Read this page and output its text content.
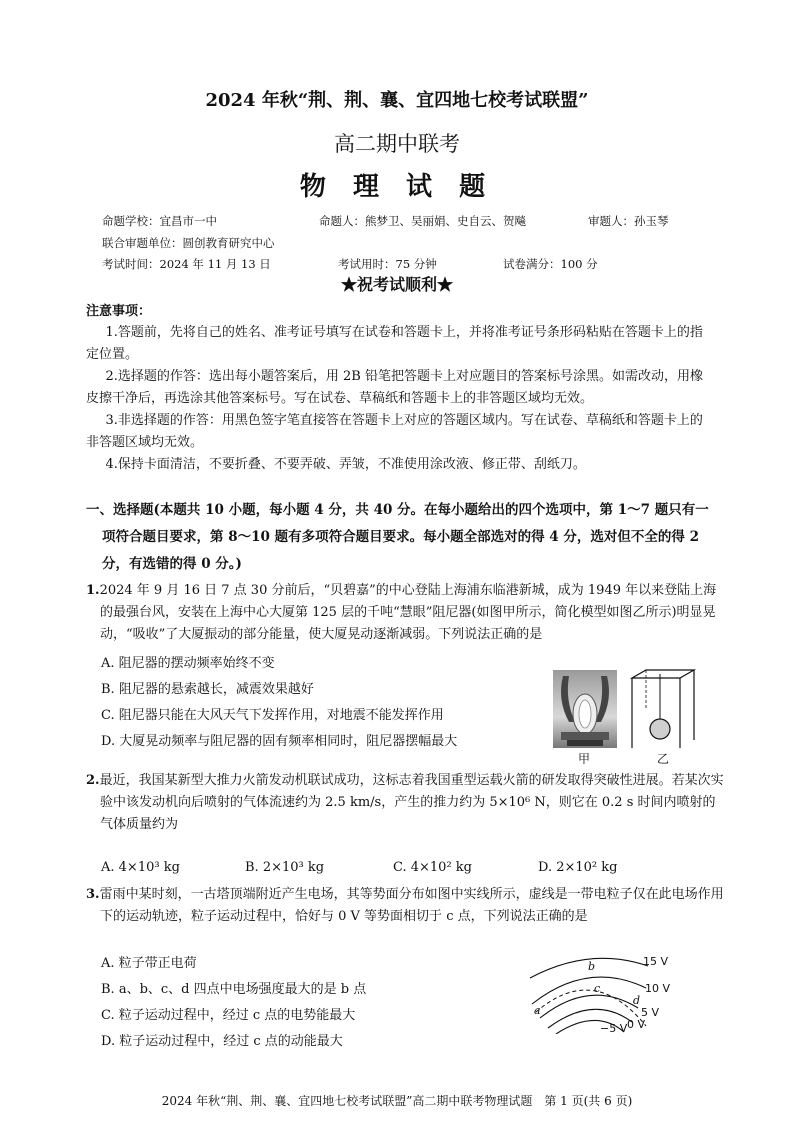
2024 年秋“荆、荆、襄、宜四地七校考试联盟”
高二期中联考
物 理 试 题
命题学校：宜昌市一中	命题人：熊梦卫、吴丽娟、史自云、贺飚	审题人：孙玉琴
联合审题单位：圆创教育研究中心
考试时间：2024 年 11 月 13 日	考试用时：75 分钟	试卷满分：100 分
★祝考试顺利★
注意事项：
1.答题前，先将自己的姓名、准考证号填写在试卷和答题卡上，并将准考证号条形码粘贴在答题卡上的指定位置。
2.选择题的作答：选出每小题答案后，用 2B 铅笔把答题卡上对应题目的答案标号涂黑。如需改动，用橡皮擦干净后，再选涂其他答案标号。写在试卷、草稿纸和答题卡上的非答题区域均无效。
3.非选择题的作答：用黑色签字笔直接答在答题卡上对应的答题区域内。写在试卷、草稿纸和答题卡上的非答题区域均无效。
4.保持卡面清洁，不要折叠、不要弄破、弄皱，不准使用涂改液、修正带、刮纸刀。
一、选择题(本题共 10 小题，每小题 4 分，共 40 分。在每小题给出的四个选项中，第 1～7 题只有一项符合题目要求，第 8～10 题有多项符合题目要求。每小题全部选对的得 4 分，选对但不全的得 2 分，有选错的得 0 分。)
1.2024 年 9 月 16 日 7 点 30 分前后，“贝碧嘉”的中心登陆上海浦东临港新城，成为 1949 年以来登陆上海的最强台风，安装在上海中心大厦第 125 层的千吨“慧眼”阻尼器(如图甲所示，简化模型如图乙所示)明显晃动，“吸收”了大厦振动的部分能量，使大厦晃动逐渐减弱。下列说法正确的是
A. 阻尼器的摆动频率始终不变
B. 阻尼器的悬索越长，减震效果越好
C. 阻尼器只能在大风天气下发挥作用，对地震不能发挥作用
D. 大厦晃动频率与阻尼器的固有频率相同时，阻尼器摆幅最大
甲	乙
2.最近，我国某新型大推力火箭发动机联试成功，这标志着我国重型运载火箭的研发取得突破性进展。若某次实验中该发动机向后喷射的气体流速约为 2.5 km/s，产生的推力约为 5×10⁶ N，则它在 0.2 s 时间内喷射的气体质量约为
A. 4×10³ kg	B. 2×10³ kg	C. 4×10² kg	D. 2×10² kg
3.雷雨中某时刻，一古塔顶端附近产生电场，其等势面分布如图中实线所示，虚线是一带电粒子仅在此电场作用下的运动轨迹，粒子运动过程中，恰好与 0 V 等势面相切于 c 点，下列说法正确的是
A. 粒子带正电荷
B. a、b、c、d 四点中电场强度最大的是 b 点
C. 粒子运动过程中，经过 c 点的电势能最大
D. 粒子运动过程中，经过 c 点的动能最大
15 V
10 V
5 V
0 V
−5 V
a
b
c
d
2024 年秋“荆、荆、襄、宜四地七校考试联盟”高二期中联考物理试题　第 1 页(共 6 页)
